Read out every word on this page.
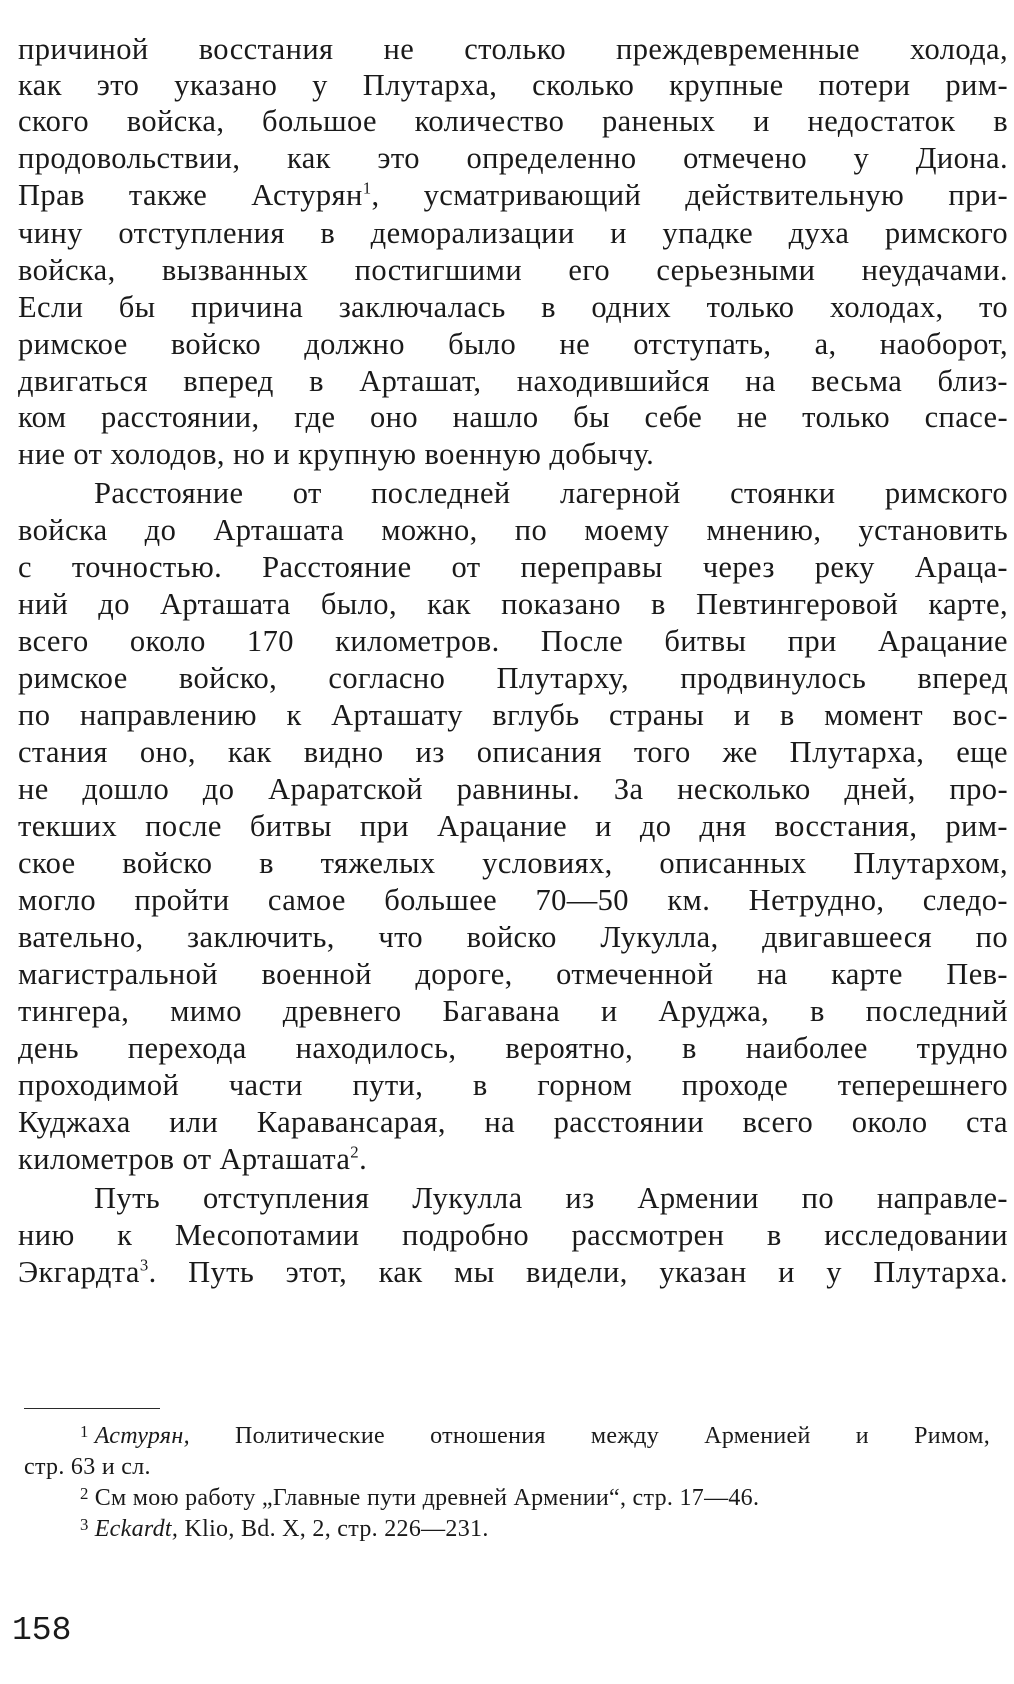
причиной восстания не столько преждевременные холода,
как это указано у Плутарха, сколько крупные потери рим-
ского войска, большое количество раненых и недостаток в
продовольствии, как это определенно отмечено у Диона.
Прав также Астурян$^1$, усматривающий действительную при-
чину отступления в деморализации и упадке духа римского
войска, вызванных постигшими его серьезными неудачами.
Если бы причина заключалась в одних только холодах, то
римское войско должно было не отступать, а, наоборот,
двигаться вперед в Арташат, находившийся на весьма близ-
ком расстоянии, где оно нашло бы себе не только спасе-
ние от холодов, но и крупную военную добычу.
Расстояние от последней лагерной стоянки римского
войска до Арташата можно, по моему мнению, установить
с точностью. Расстояние от переправы через реку Араца-
ний до Арташата было, как показано в Певтингеровой карте,
всего около 170 километров. После битвы при Арацание
римское войско, согласно Плутарху, продвинулось вперед
по направлению к Арташату вглубь страны и в момент вос-
стания оно, как видно из описания того же Плутарха, еще
не дошло до Араратской равнины. За несколько дней, про-
текших после битвы при Арацание и до дня восстания, рим-
ское войско в тяжелых условиях, описанных Плутархом,
могло пройти самое большее 70—50 км. Нетрудно, следо-
вательно, заключить, что войско Лукулла, двигавшееся по
магистральной военной дороге, отмеченной на карте Пев-
тингера, мимо древнего Багавана и Аруджа, в последний
день перехода находилось, вероятно, в наиболее трудно
проходимой части пути, в горном проходе теперешнего
Куджаха или Каравансарая, на расстоянии всего около ста
километров от Арташата$^2$.
Путь отступления Лукулла из Армении по направле-
нию к Месопотамии подробно рассмотрен в исследовании
Экгардта$^3$. Путь этот, как мы видели, указан и у Плутарха.
$^1$ Астурян, Политические отношения между Арменией и Римом,
стр. 63 и сл.
$^2$ См мою работу „Главные пути древней Армении“, стр. 17—46.
$^3$ Eckardt, Klio, Bd. X, 2, стр. 226—231.
158
